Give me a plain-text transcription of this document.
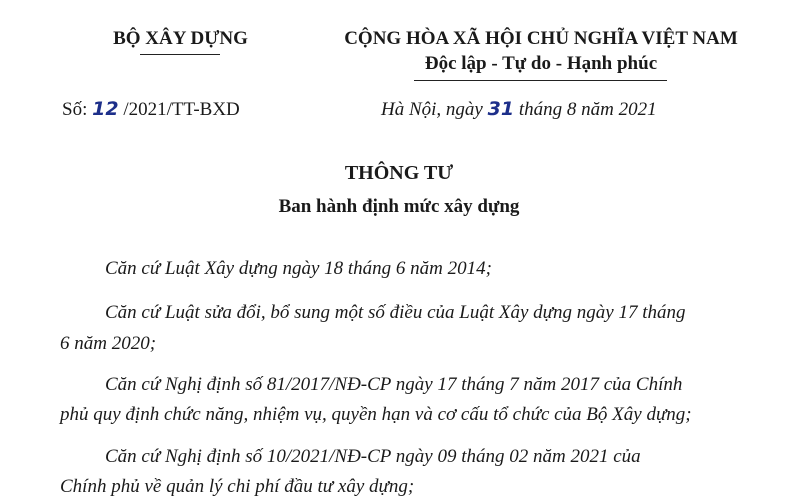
BỘ XÂY DỰNG	CỘNG HÒA XÃ HỘI CHỦ NGHĨA VIỆT NAM
Độc lập - Tự do - Hạnh phúc
Số: 12 /2021/TT-BXD	Hà Nội, ngày 31 tháng 8 năm 2021
THÔNG TƯ
Ban hành định mức xây dựng
Căn cứ Luật Xây dựng ngày 18 tháng 6 năm 2014;
Căn cứ Luật sửa đổi, bổ sung một số điều của Luật Xây dựng ngày 17 tháng
6 năm 2020;
Căn cứ Nghị định số 81/2017/NĐ-CP ngày 17 tháng 7 năm 2017 của Chính
phủ quy định chức năng, nhiệm vụ, quyền hạn và cơ cấu tổ chức của Bộ Xây dựng;
Căn cứ Nghị định số 10/2021/NĐ-CP ngày 09 tháng 02 năm 2021 của
Chính phủ về quản lý chi phí đầu tư xây dựng;
